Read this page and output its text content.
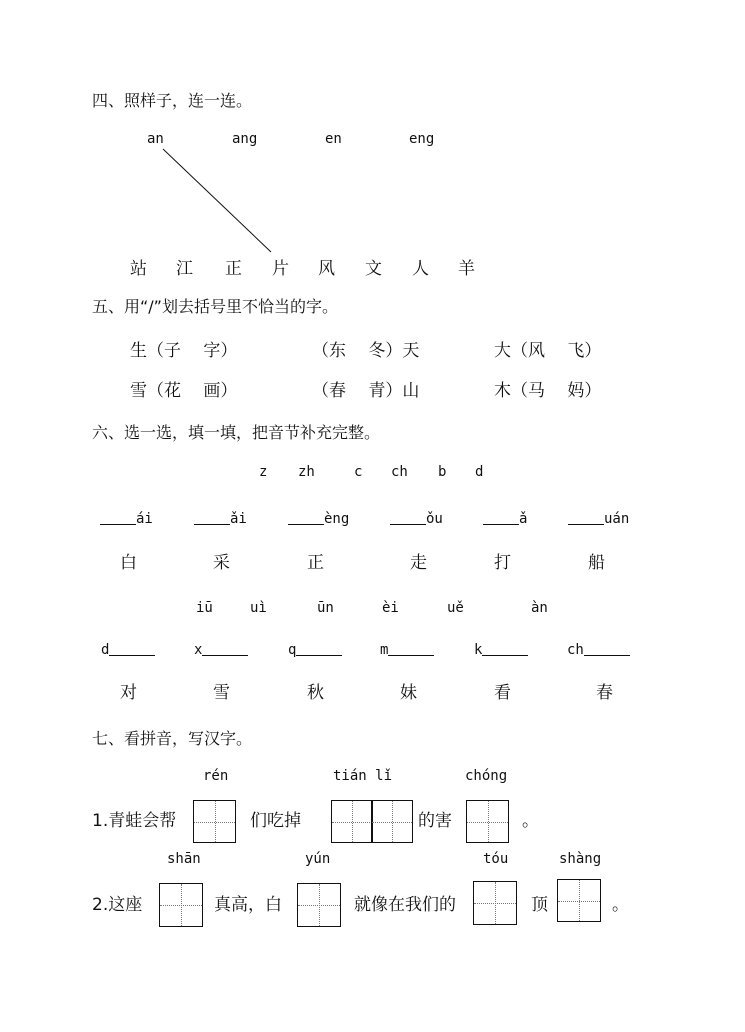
四、照样子，连一连。
an	ang	en	eng
站 江 正 片 风 文 人 羊
五、用“/”划去括号里不恰当的字。
生（子　 字）	（东　 冬）天	大（风　 飞）
雪（花　 画）	（春　 青）山	木（马　 妈）
六、选一选，填一填，把音节补充完整。
z zh	c ch b d
ái	ǎi	èng	ǒu	ǎ	uán
白	采	正	走	打	船
iū	uì	ūn	èi	uě	àn
d	x	q	m	k	ch
对	雪	秋	妹	看	春
七、看拼音，写汉字。
rén	tián lǐ	chóng
1.青蛙会帮	们吃掉	的害	。
shān	yún	tóu	shàng
2.这座	真高，白	就像在我们的	顶	。
